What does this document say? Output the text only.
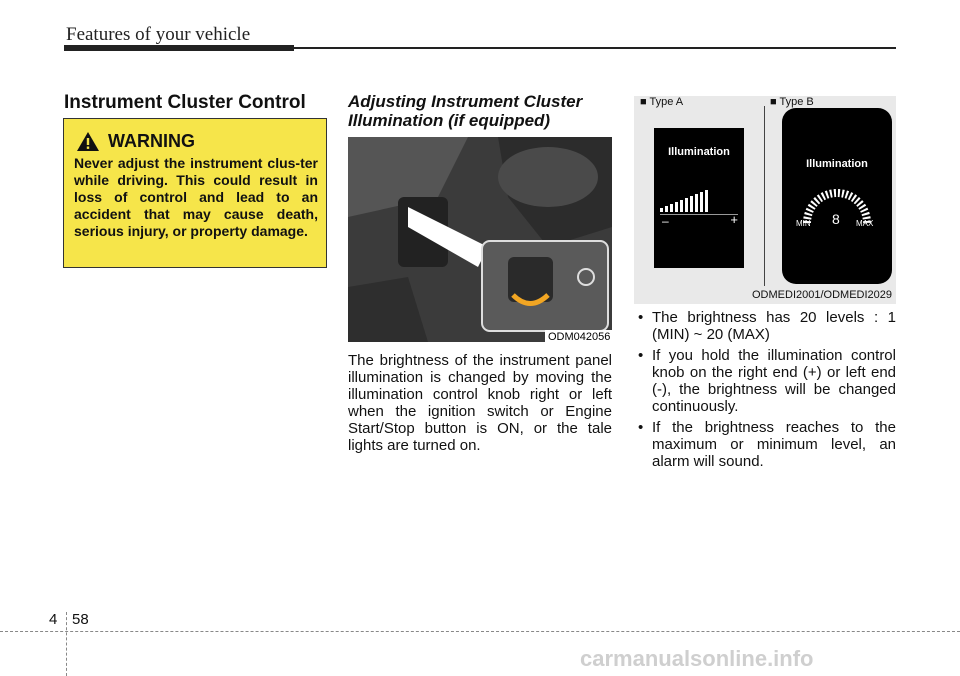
Features of your vehicle
Instrument Cluster Control
WARNING
Never adjust the instrument clus-ter while driving. This could result in loss of control and lead to an accident that may cause death, serious injury, or property damage.
Adjusting Instrument Cluster Illumination (if equipped)
ODM042056
The brightness of the instrument panel illumination is changed by moving the illumination control knob right or left when the ignition switch or Engine Start/Stop button is ON, or the tale lights are turned on.
■ Type A	■ Type B
Illumination
–	+
Illumination
MIN 8 MAX
ODMEDI2001/ODMEDI2029
• The brightness has 20 levels : 1 (MIN) ~ 20 (MAX)
• If you hold the illumination control knob on the right end (+) or left end (-), the brightness will be changed continuously.
• If the brightness reaches to the maximum or minimum level, an alarm will sound.
4 58
carmanualsonline.info
